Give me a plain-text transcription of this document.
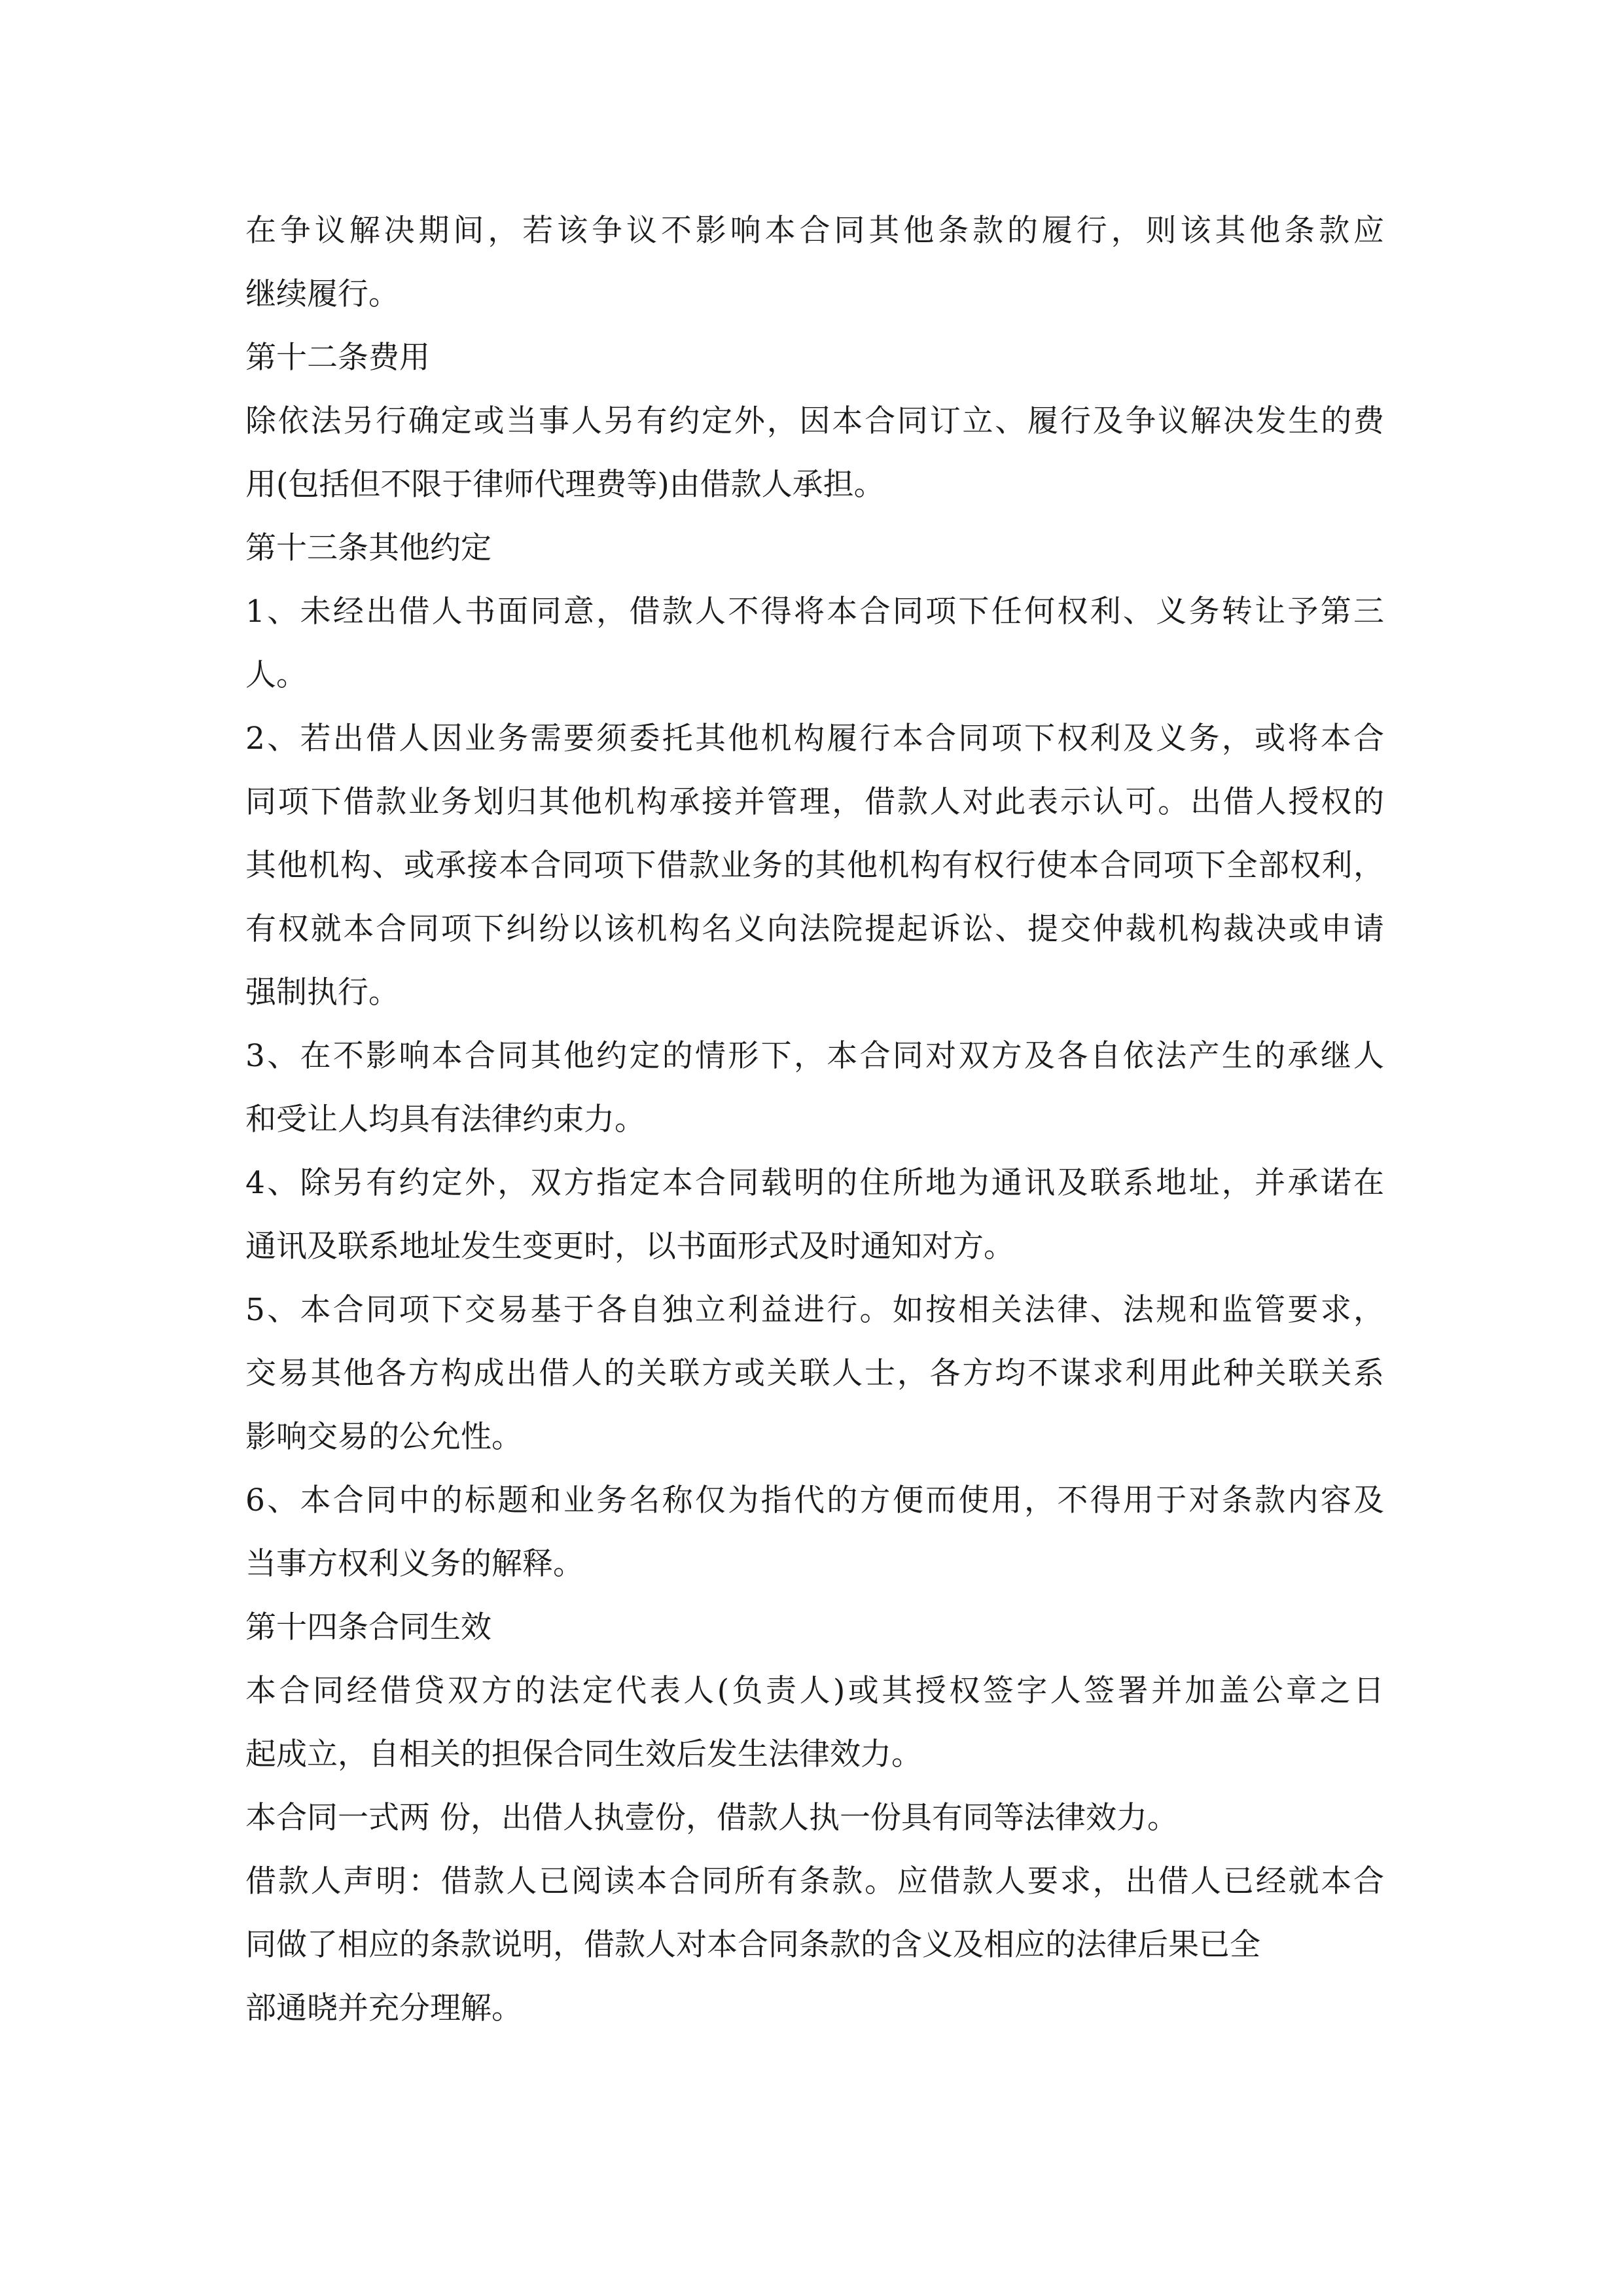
在争议解决期间，若该争议不影响本合同其他条款的履行，则该其他条款应
继续履行。
第十二条费用
除依法另行确定或当事人另有约定外，因本合同订立、履行及争议解决发生的费
用(包括但不限于律师代理费等)由借款人承担。
第十三条其他约定
1、未经出借人书面同意，借款人不得将本合同项下任何权利、义务转让予第三
人。
2、若出借人因业务需要须委托其他机构履行本合同项下权利及义务，或将本合
同项下借款业务划归其他机构承接并管理，借款人对此表示认可。出借人授权的
其他机构、或承接本合同项下借款业务的其他机构有权行使本合同项下全部权利，
有权就本合同项下纠纷以该机构名义向法院提起诉讼、提交仲裁机构裁决或申请
强制执行。
3、在不影响本合同其他约定的情形下，本合同对双方及各自依法产生的承继人
和受让人均具有法律约束力。
4、除另有约定外，双方指定本合同载明的住所地为通讯及联系地址，并承诺在
通讯及联系地址发生变更时，以书面形式及时通知对方。
5、本合同项下交易基于各自独立利益进行。如按相关法律、法规和监管要求，
交易其他各方构成出借人的关联方或关联人士，各方均不谋求利用此种关联关系
影响交易的公允性。
6、本合同中的标题和业务名称仅为指代的方便而使用，不得用于对条款内容及
当事方权利义务的解释。
第十四条合同生效
本合同经借贷双方的法定代表人(负责人)或其授权签字人签署并加盖公章之日
起成立，自相关的担保合同生效后发生法律效力。
本合同一式两 份，出借人执壹份，借款人执一份具有同等法律效力。
借款人声明：借款人已阅读本合同所有条款。应借款人要求，出借人已经就本合
同做了相应的条款说明，借款人对本合同条款的含义及相应的法律后果已全
部通晓并充分理解。
